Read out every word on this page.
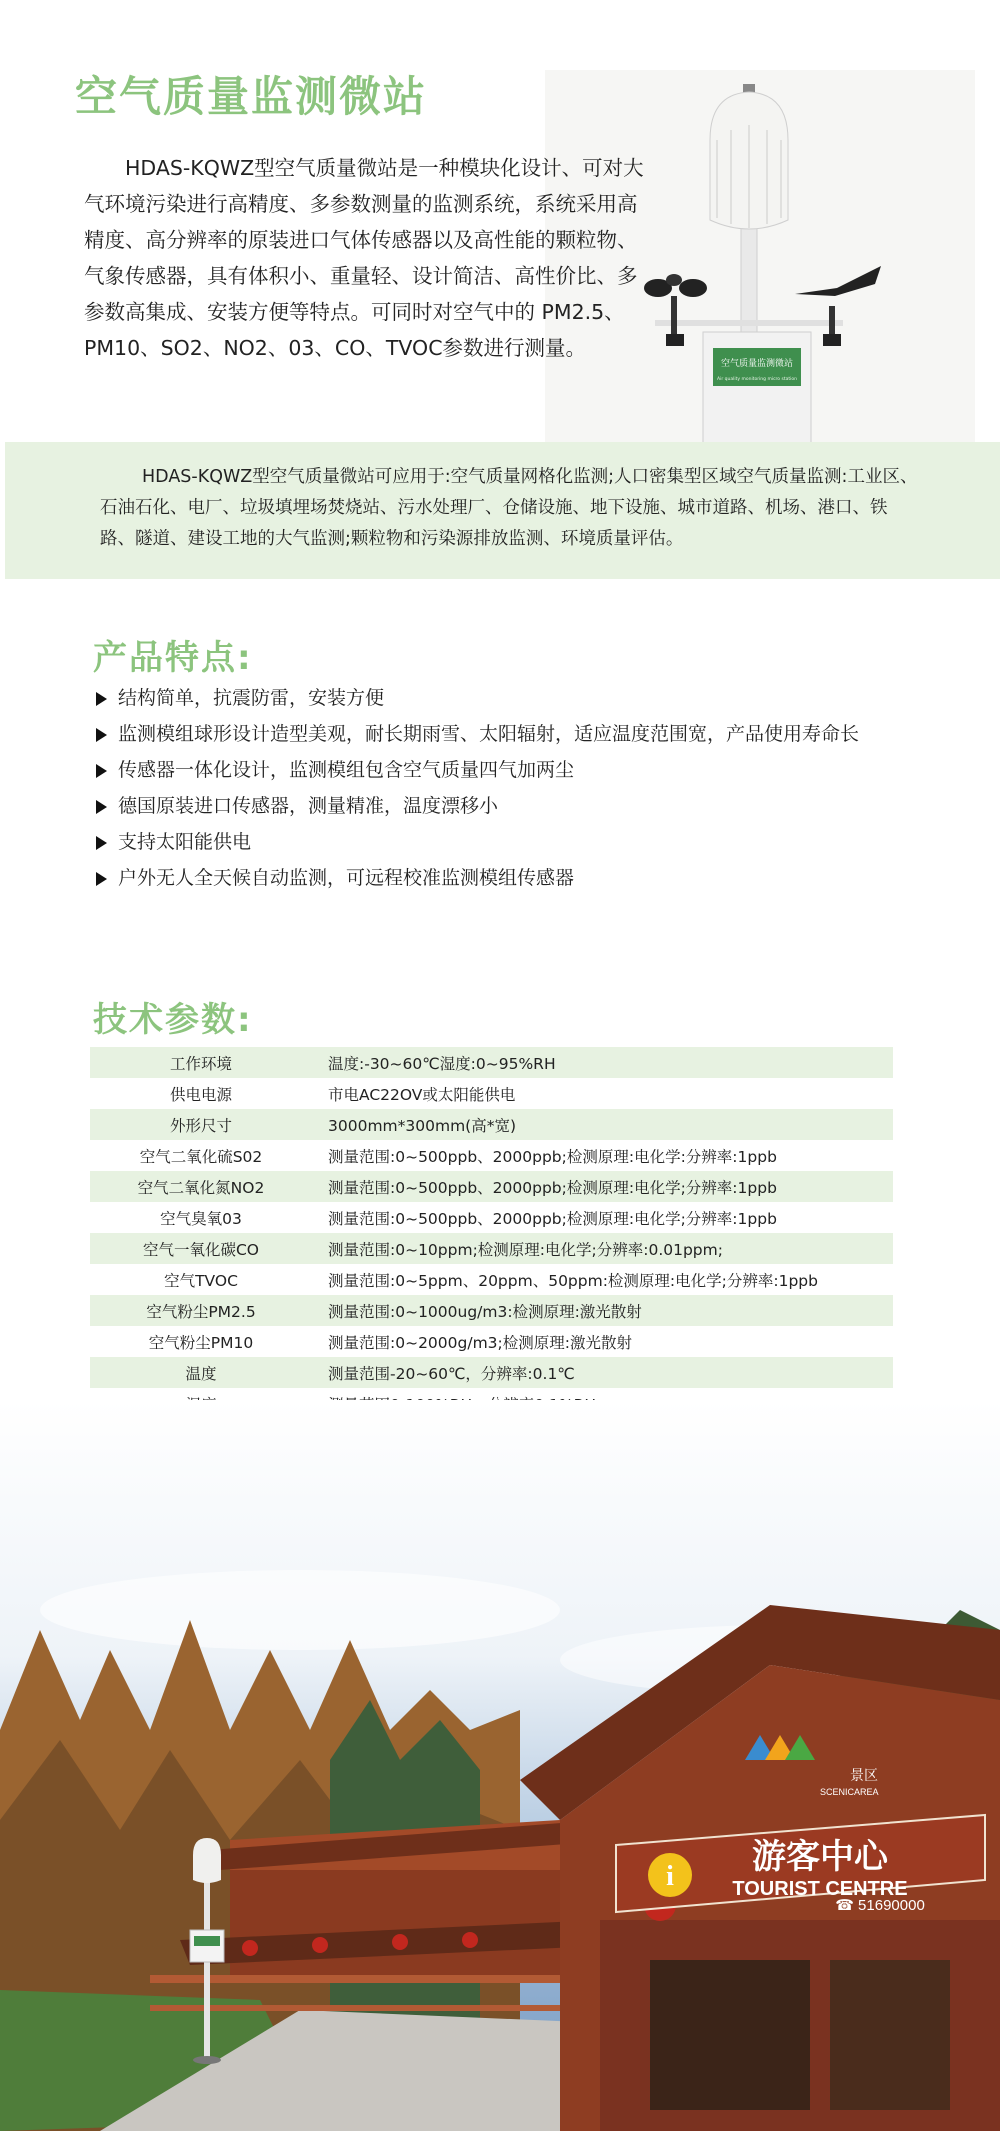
空气质量监测微站
空气质量监测微站
Air quality monitoring micro station

HDAS-KQWZ型空气质量微站是一种模块化设计、可对大气环境污染进行高精度、多参数测量的监测系统，系统采用高精度、高分辨率的原装进口气体传感器以及高性能的颗粒物、气象传感器，具有体积小、重量轻、设计简洁、高性价比、多参数高集成、安装方便等特点。可同时对空气中的 PM2.5、PM10、SO2、NO2、03、CO、TVOC参数进行测量。

HDAS-KQWZ型空气质量微站可应用于:空气质量网格化监测;人口密集型区域空气质量监测:工业区、石油石化、电厂、垃圾填埋场焚烧站、污水处理厂、仓储设施、地下设施、城市道路、机场、港口、铁路、隧道、建设工地的大气监测;颗粒物和污染源排放监测、环境质量评估。

产品特点:
结构简单，抗震防雷，安装方便
监测模组球形设计造型美观，耐长期雨雪、太阳辐射，适应温度范围宽，产品使用寿命长
传感器一体化设计，监测模组包含空气质量四气加两尘
德国原装进口传感器，测量精准，温度漂移小
支持太阳能供电
户外无人全天候自动监测，可远程校准监测模组传感器
技术参数:
工作环境	温度:-30~60℃湿度:0~95%RH
供电电源	市电AC22OV或太阳能供电
外形尺寸	3000mm*300mm(高*宽)
空气二氧化硫S02	测量范围:0~500ppb、2000ppb;检测原理:电化学:分辨率:1ppb
空气二氧化氮NO2	测量范围:0~500ppb、2000ppb;检测原理:电化学;分辨率:1ppb
空气臭氧03	测量范围:0~500ppb、2000ppb;检测原理:电化学;分辨率:1ppb
空气一氧化碳CO	测量范围:0~10ppm;检测原理:电化学;分辨率:0.01ppm;
空气TVOC	测量范围:0~5ppm、20ppm、50ppm:检测原理:电化学;分辨率:1ppb
空气粉尘PM2.5	测量范围:0~1000ug/m3:检测原理:激光散射
空气粉尘PM10	测量范围:0~2000g/m3;检测原理:激光散射
温度	测量范围-20~60℃，分辨率:0.1℃

i 游客中心
TOURIST CENTRE
☎ 51690000
景区
SCENICAREA
